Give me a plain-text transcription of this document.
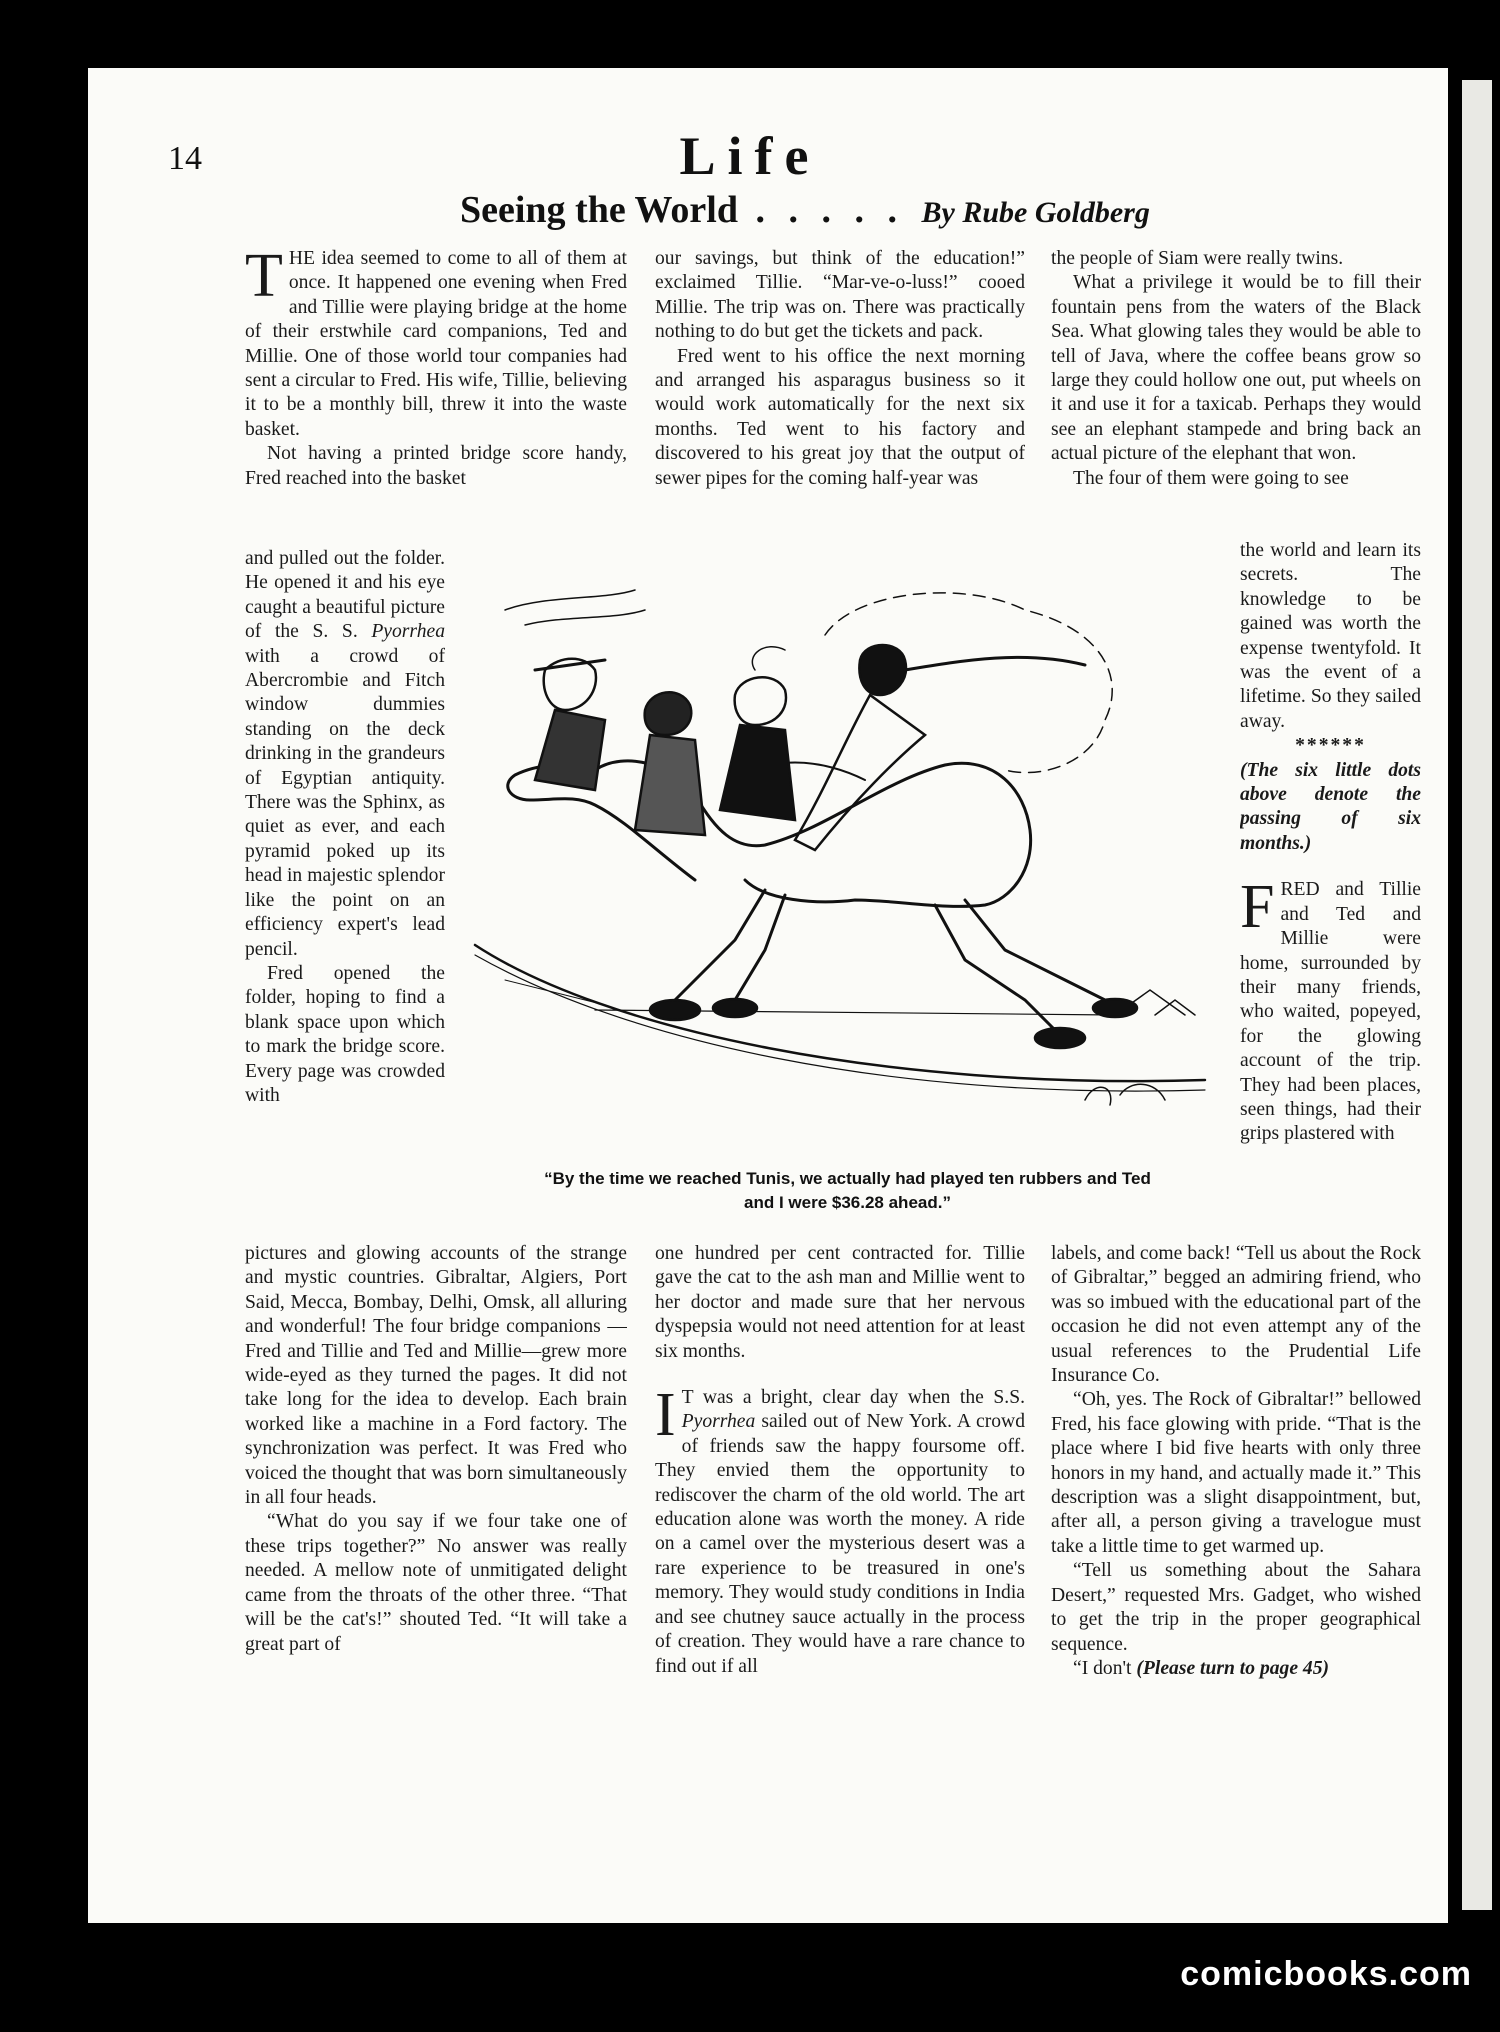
14	Life
Seeing the World . . . . . By Rube Goldberg

THE idea seemed to come to all of them at once. It happened one evening when Fred and Tillie were playing bridge at the home of their erstwhile card companions, Ted and Millie. One of those world tour companies had sent a circular to Fred. His wife, Tillie, believing it to be a monthly bill, threw it into the waste basket.

Not having a printed bridge score handy, Fred reached into the basket

and pulled out the folder. He opened it and his eye caught a beautiful picture of the S. S. Pyorrhea with a crowd of Abercrombie and Fitch window dummies standing on the deck drinking in the grandeurs of Egyptian antiquity. There was the Sphinx, as quiet as ever, and each pyramid poked up its head in majestic splendor like the point on an efficiency expert's lead pencil.

Fred opened the folder, hoping to find a blank space upon which to mark the bridge score. Every page was crowded with

pictures and glowing accounts of the strange and mystic countries. Gibraltar, Algiers, Port Said, Mecca, Bombay, Delhi, Omsk, all alluring and wonderful! The four bridge companions — Fred and Tillie and Ted and Millie—grew more wide-eyed as they turned the pages. It did not take long for the idea to develop. Each brain worked like a machine in a Ford factory. The synchronization was perfect. It was Fred who voiced the thought that was born simultaneously in all four heads.

“What do you say if we four take one of these trips together?” No answer was really needed. A mellow note of unmitigated delight came from the throats of the other three. “That will be the cat's!” shouted Ted. “It will take a great part of

our savings, but think of the education!” exclaimed Tillie. “Mar-ve-o-luss!” cooed Millie. The trip was on. There was practically nothing to do but get the tickets and pack.

Fred went to his office the next morning and arranged his asparagus business so it would work automatically for the next six months. Ted went to his factory and discovered to his great joy that the output of sewer pipes for the coming half-year was

one hundred per cent contracted for. Tillie gave the cat to the ash man and Millie went to her doctor and made sure that her nervous dyspepsia would not need attention for at least six months.

I T was a bright, clear day when the S.S. Pyorrhea sailed out of New York. A crowd of friends saw the happy foursome off. They envied them the opportunity to rediscover the charm of the old world. The art education alone was worth the money. A ride on a camel over the mysterious desert was a rare experience to be treasured in one's memory. They would study conditions in India and see chutney sauce actually in the process of creation. They would have a rare chance to find out if all

the people of Siam were really twins.

What a privilege it would be to fill their fountain pens from the waters of the Black Sea. What glowing tales they would be able to tell of Java, where the coffee beans grow so large they could hollow one out, put wheels on it and use it for a taxicab. Perhaps they would see an elephant stampede and bring back an actual picture of the elephant that won.

The four of them were going to see

the world and learn its secrets. The knowledge to be gained was worth the expense twentyfold. It was the event of a lifetime. So they sailed away.

******

(The six little dots above denote the passing of six months.)

FRED and Tillie and Ted and Millie were home, surrounded by their many friends, who waited, popeyed, for the glowing account of the trip. They had been places, seen things, had their grips plastered with

labels, and come back! “Tell us about the Rock of Gibraltar,” begged an admiring friend, who was so imbued with the educational part of the occasion he did not even attempt any of the usual references to the Prudential Life Insurance Co.

“Oh, yes. The Rock of Gibraltar!” bellowed Fred, his face glowing with pride. “That is the place where I bid five hearts with only three honors in my hand, and actually made it.” This description was a slight disappointment, but, after all, a person giving a travelogue must take a little time to get warmed up.

“Tell us something about the Sahara Desert,” requested Mrs. Gadget, who wished to get the trip in the proper geographical sequence.

“I don't (Please turn to page 45)

“By the time we reached Tunis, we actually had played ten rubbers and Ted
and I were $36.28 ahead.”
comicbooks.com
